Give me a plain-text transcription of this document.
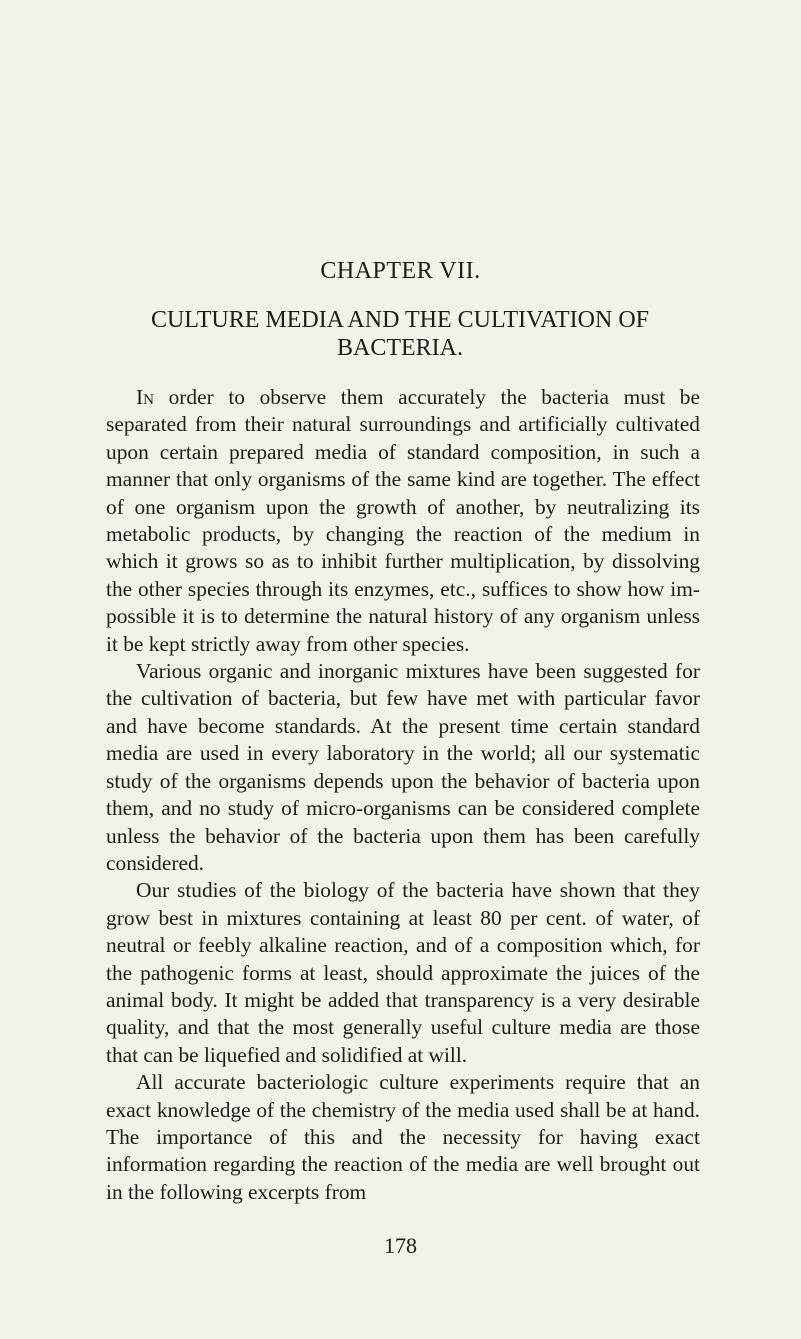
CHAPTER VII.
CULTURE MEDIA AND THE CULTIVATION OF BACTERIA.

In order to observe them accurately the bacteria must be separated from their natural surroundings and artificially cultivated upon certain prepared media of standard composition, in such a manner that only organisms of the same kind are together. The effect of one organism upon the growth of another, by neutralizing its metabolic products, by changing the reaction of the medium in which it grows so as to inhibit further multiplication, by dissolving the other species through its enzymes, etc., suffices to show how impossible it is to determine the natural history of any organism unless it be kept strictly away from other species.

Various organic and inorganic mixtures have been suggested for the cultivation of bacteria, but few have met with particular favor and have become standards. At the present time certain standard media are used in every laboratory in the world; all our systematic study of the organisms depends upon the behavior of bacteria upon them, and no study of micro-organisms can be considered complete unless the behavior of the bacteria upon them has been carefully considered.

Our studies of the biology of the bacteria have shown that they grow best in mixtures containing at least 80 per cent. of water, of neutral or feebly alkaline reaction, and of a composition which, for the pathogenic forms at least, should approximate the juices of the animal body. It might be added that transparency is a very desirable quality, and that the most generally useful culture media are those that can be liquefied and solidified at will.

All accurate bacteriologic culture experiments require that an exact knowledge of the chemistry of the media used shall be at hand. The importance of this and the necessity for having exact information regarding the reaction of the media are well brought out in the following excerpts from

178
